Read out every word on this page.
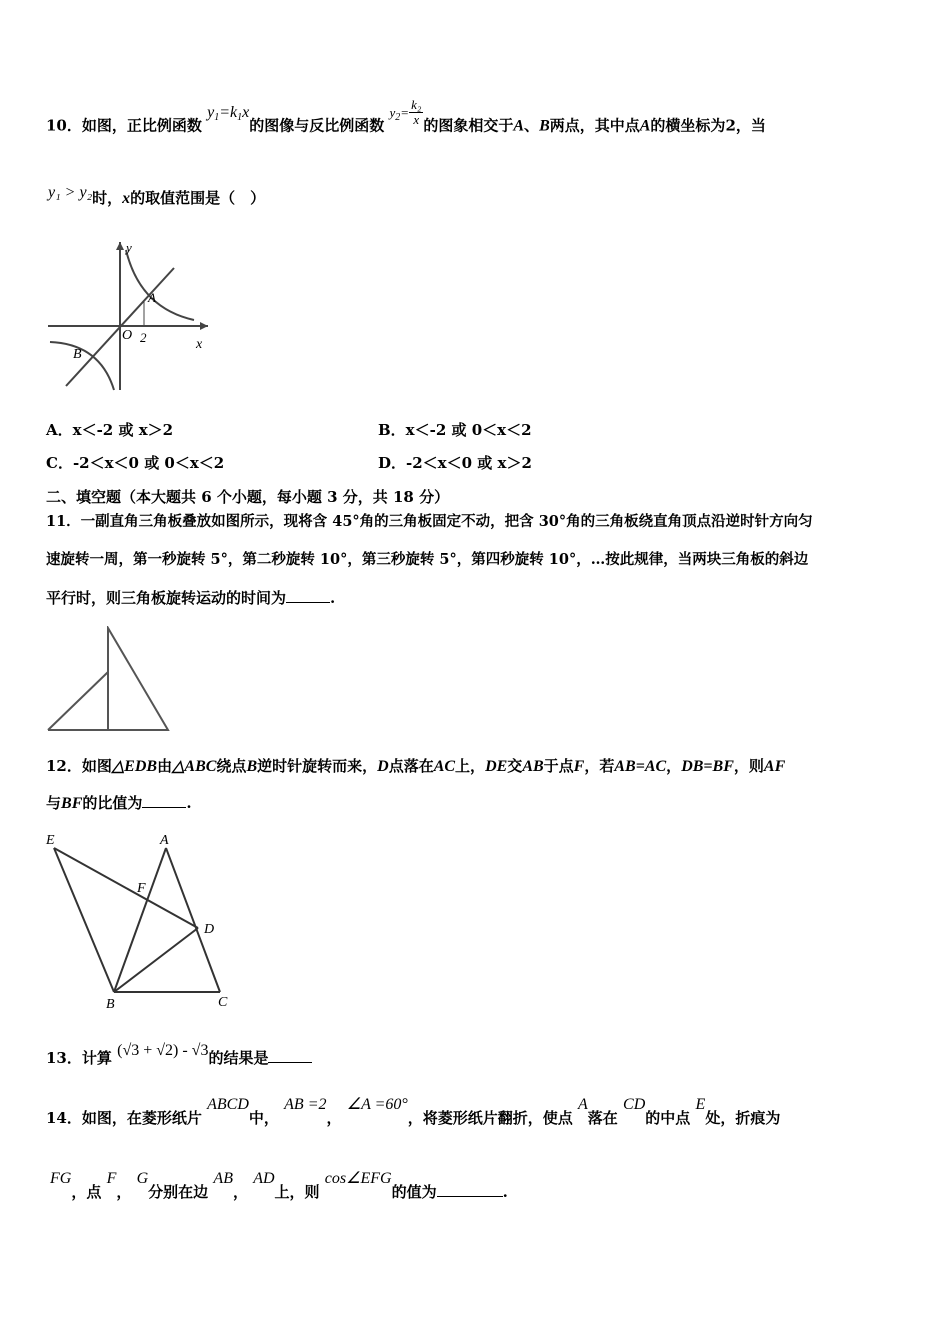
10．如图，正比例函数 $y_1=k_1x$的图像与反比例函数 $y_2= \frac{\text{k₂}}{x}$ 的图象相交于A、B两点，其中点A的横坐标为2，当
y₁ > y₂时，x的取值范围是（　）
y
x
O 2
A
B
A．x＜-2 或 x＞2	B．x＜-2 或 0＜x＜2
C．-2＜x＜0 或 0＜x＜2	D．-2＜x＜0 或 x＞2
二、填空题（本大题共 6 个小题，每小题 3 分，共 18 分）
11．一副直角三角板叠放如图所示，现将含 45°角的三角板固定不动，把含 30°角的三角板绕直角顶点沿逆时针方向匀
速旋转一周，第一秒旋转 5°，第二秒旋转 10°，第三秒旋转 5°，第四秒旋转 10°，…按此规律，当两块三角板的斜边
平行时，则三角板旋转运动的时间为	.
12．如图△EDB由△ABC绕点B逆时针旋转而来，D点落在AC上，DE交AB于点F，若AB=AC，DB=BF，则AF
与BF的比值为	.
E	A
F
D
B	C
13．计算 (√3 + √2) - √3的结果是
14．如图，在菱形纸片 ABCD中， AB =2， ∠A =60°，将菱形纸片翻折，使点 A落在 CD的中点 E处，折痕为
FG，点 F， G分别在边 AB， AD上，则 cos∠EFG的值为	.
